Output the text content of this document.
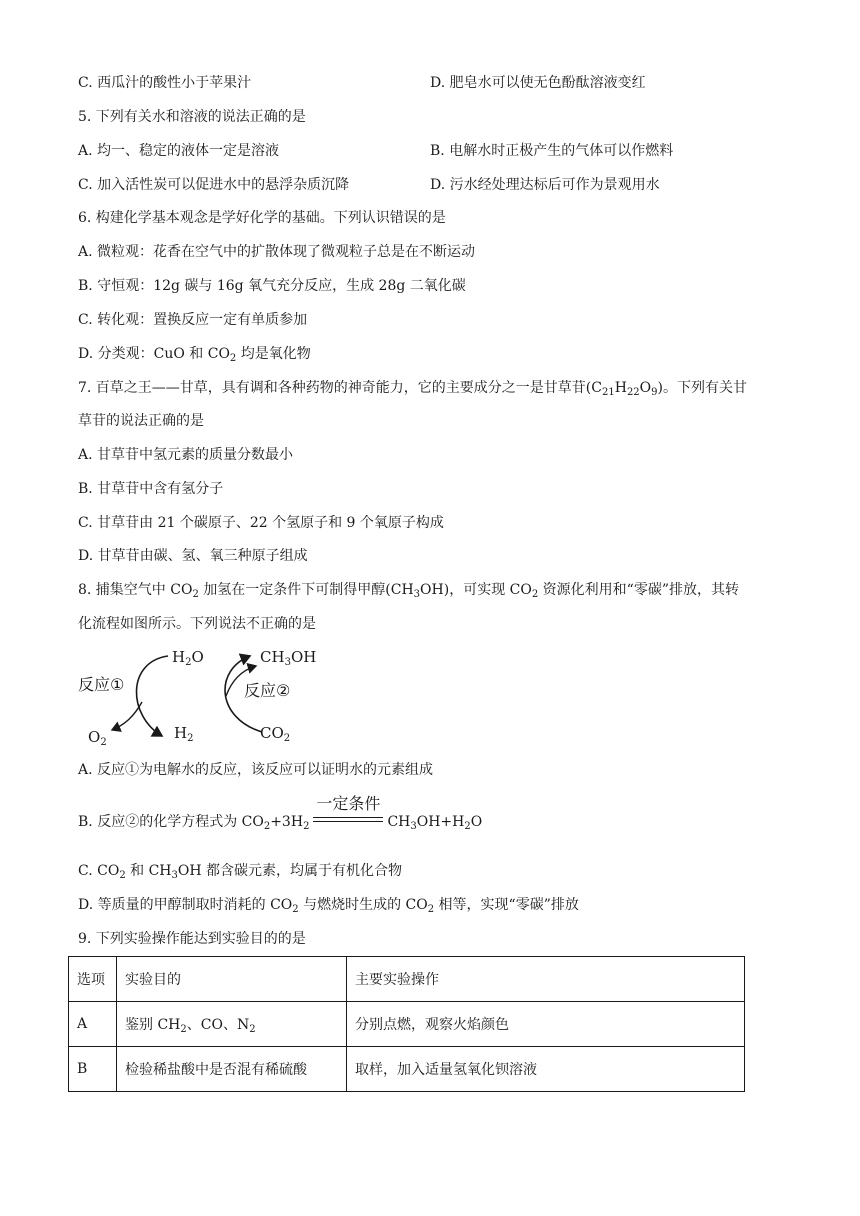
C. 西瓜汁的酸性小于苹果汁	D. 肥皂水可以使无色酚酞溶液变红
5. 下列有关水和溶液的说法正确的是
A. 均一、稳定的液体一定是溶液	B. 电解水时正极产生的气体可以作燃料
C. 加入活性炭可以促进水中的悬浮杂质沉降	D. 污水经处理达标后可作为景观用水
6. 构建化学基本观念是学好化学的基础。下列认识错误的是
A. 微粒观：花香在空气中的扩散体现了微观粒子总是在不断运动
B. 守恒观：12g 碳与 16g 氧气充分反应，生成 28g 二氧化碳
C. 转化观：置换反应一定有单质参加
D. 分类观：CuO 和 $CO_2$ 均是氧化物
7. 百草之王——甘草，具有调和各种药物的神奇能力，它的主要成分之一是甘草苷$(C_{21}H_{22}O_9)$。下列有关甘
草苷的说法正确的是
A. 甘草苷中氢元素的质量分数最小
B. 甘草苷中含有氢分子
C. 甘草苷由 21 个碳原子、22 个氢原子和 9 个氧原子构成
D. 甘草苷由碳、氢、氧三种原子组成
8. 捕集空气中 $CO_2$ 加氢在一定条件下可制得甲醇$(CH_3OH)$，可实现 $CO_2$ 资源化利用和“零碳”排放，其转
化流程如图所示。下列说法不正确的是
反应①	反应②
$H_2O$	$CH_3OH$
$O_2$
$H_2$	$CO_2$
A. 反应①为电解水的反应，该反应可以证明水的元素组成
B. 反应②的化学方程式为 $CO_2+3H_2$
一定条件
$CH_3OH+H_2O$
C. $CO_2$ 和 $CH_3OH$ 都含碳元素，均属于有机化合物
D. 等质量的甲醇制取时消耗的 $CO_2$ 与燃烧时生成的 $CO_2$ 相等，实现“零碳”排放
9. 下列实验操作能达到实验目的的是
选项	实验目的	主要实验操作
A	鉴别 $CH_2$、CO、$N_2$	分别点燃，观察火焰颜色
B	检验稀盐酸中是否混有稀硫酸	取样，加入适量氢氧化钡溶液
